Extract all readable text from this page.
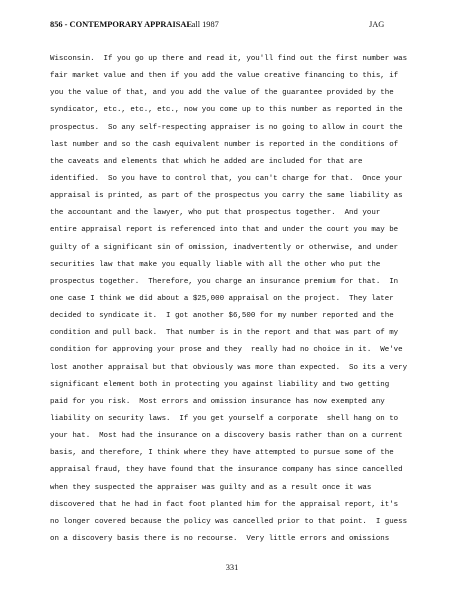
856 - CONTEMPORARY APPRAISAL
Fall 1987	JAG
Wisconsin.  If you go up there and read it, you'll find out the first number was
fair market value and then if you add the value creative financing to this, if
you the value of that, and you add the value of the guarantee provided by the
syndicator, etc., etc., etc., now you come up to this number as reported in the
prospectus.  So any self-respecting appraiser is no going to allow in court the
last number and so the cash equivalent number is reported in the conditions of
the caveats and elements that which he added are included for that are
identified.  So you have to control that, you can't charge for that.  Once your
appraisal is printed, as part of the prospectus you carry the same liability as
the accountant and the lawyer, who put that prospectus together.  And your
entire appraisal report is referenced into that and under the court you may be
guilty of a significant sin of omission, inadvertently or otherwise, and under
securities law that make you equally liable with all the other who put the
prospectus together.  Therefore, you charge an insurance premium for that.  In
one case I think we did about a $25,000 appraisal on the project.  They later
decided to syndicate it.  I got another $6,500 for my number reported and the
condition and pull back.  That number is in the report and that was part of my
condition for approving your prose and they  really had no choice in it.  We've
lost another appraisal but that obviously was more than expected.  So its a very
significant element both in protecting you against liability and two getting
paid for you risk.  Most errors and omission insurance has now exempted any
liability on security laws.  If you get yourself a corporate  shell hang on to
your hat.  Most had the insurance on a discovery basis rather than on a current
basis, and therefore, I think where they have attempted to pursue some of the
appraisal fraud, they have found that the insurance company has since cancelled
when they suspected the appraiser was guilty and as a result once it was
discovered that he had in fact foot planted him for the appraisal report, it's
no longer covered because the policy was cancelled prior to that point.  I guess
on a discovery basis there is no recourse.  Very little errors and omissions
331
